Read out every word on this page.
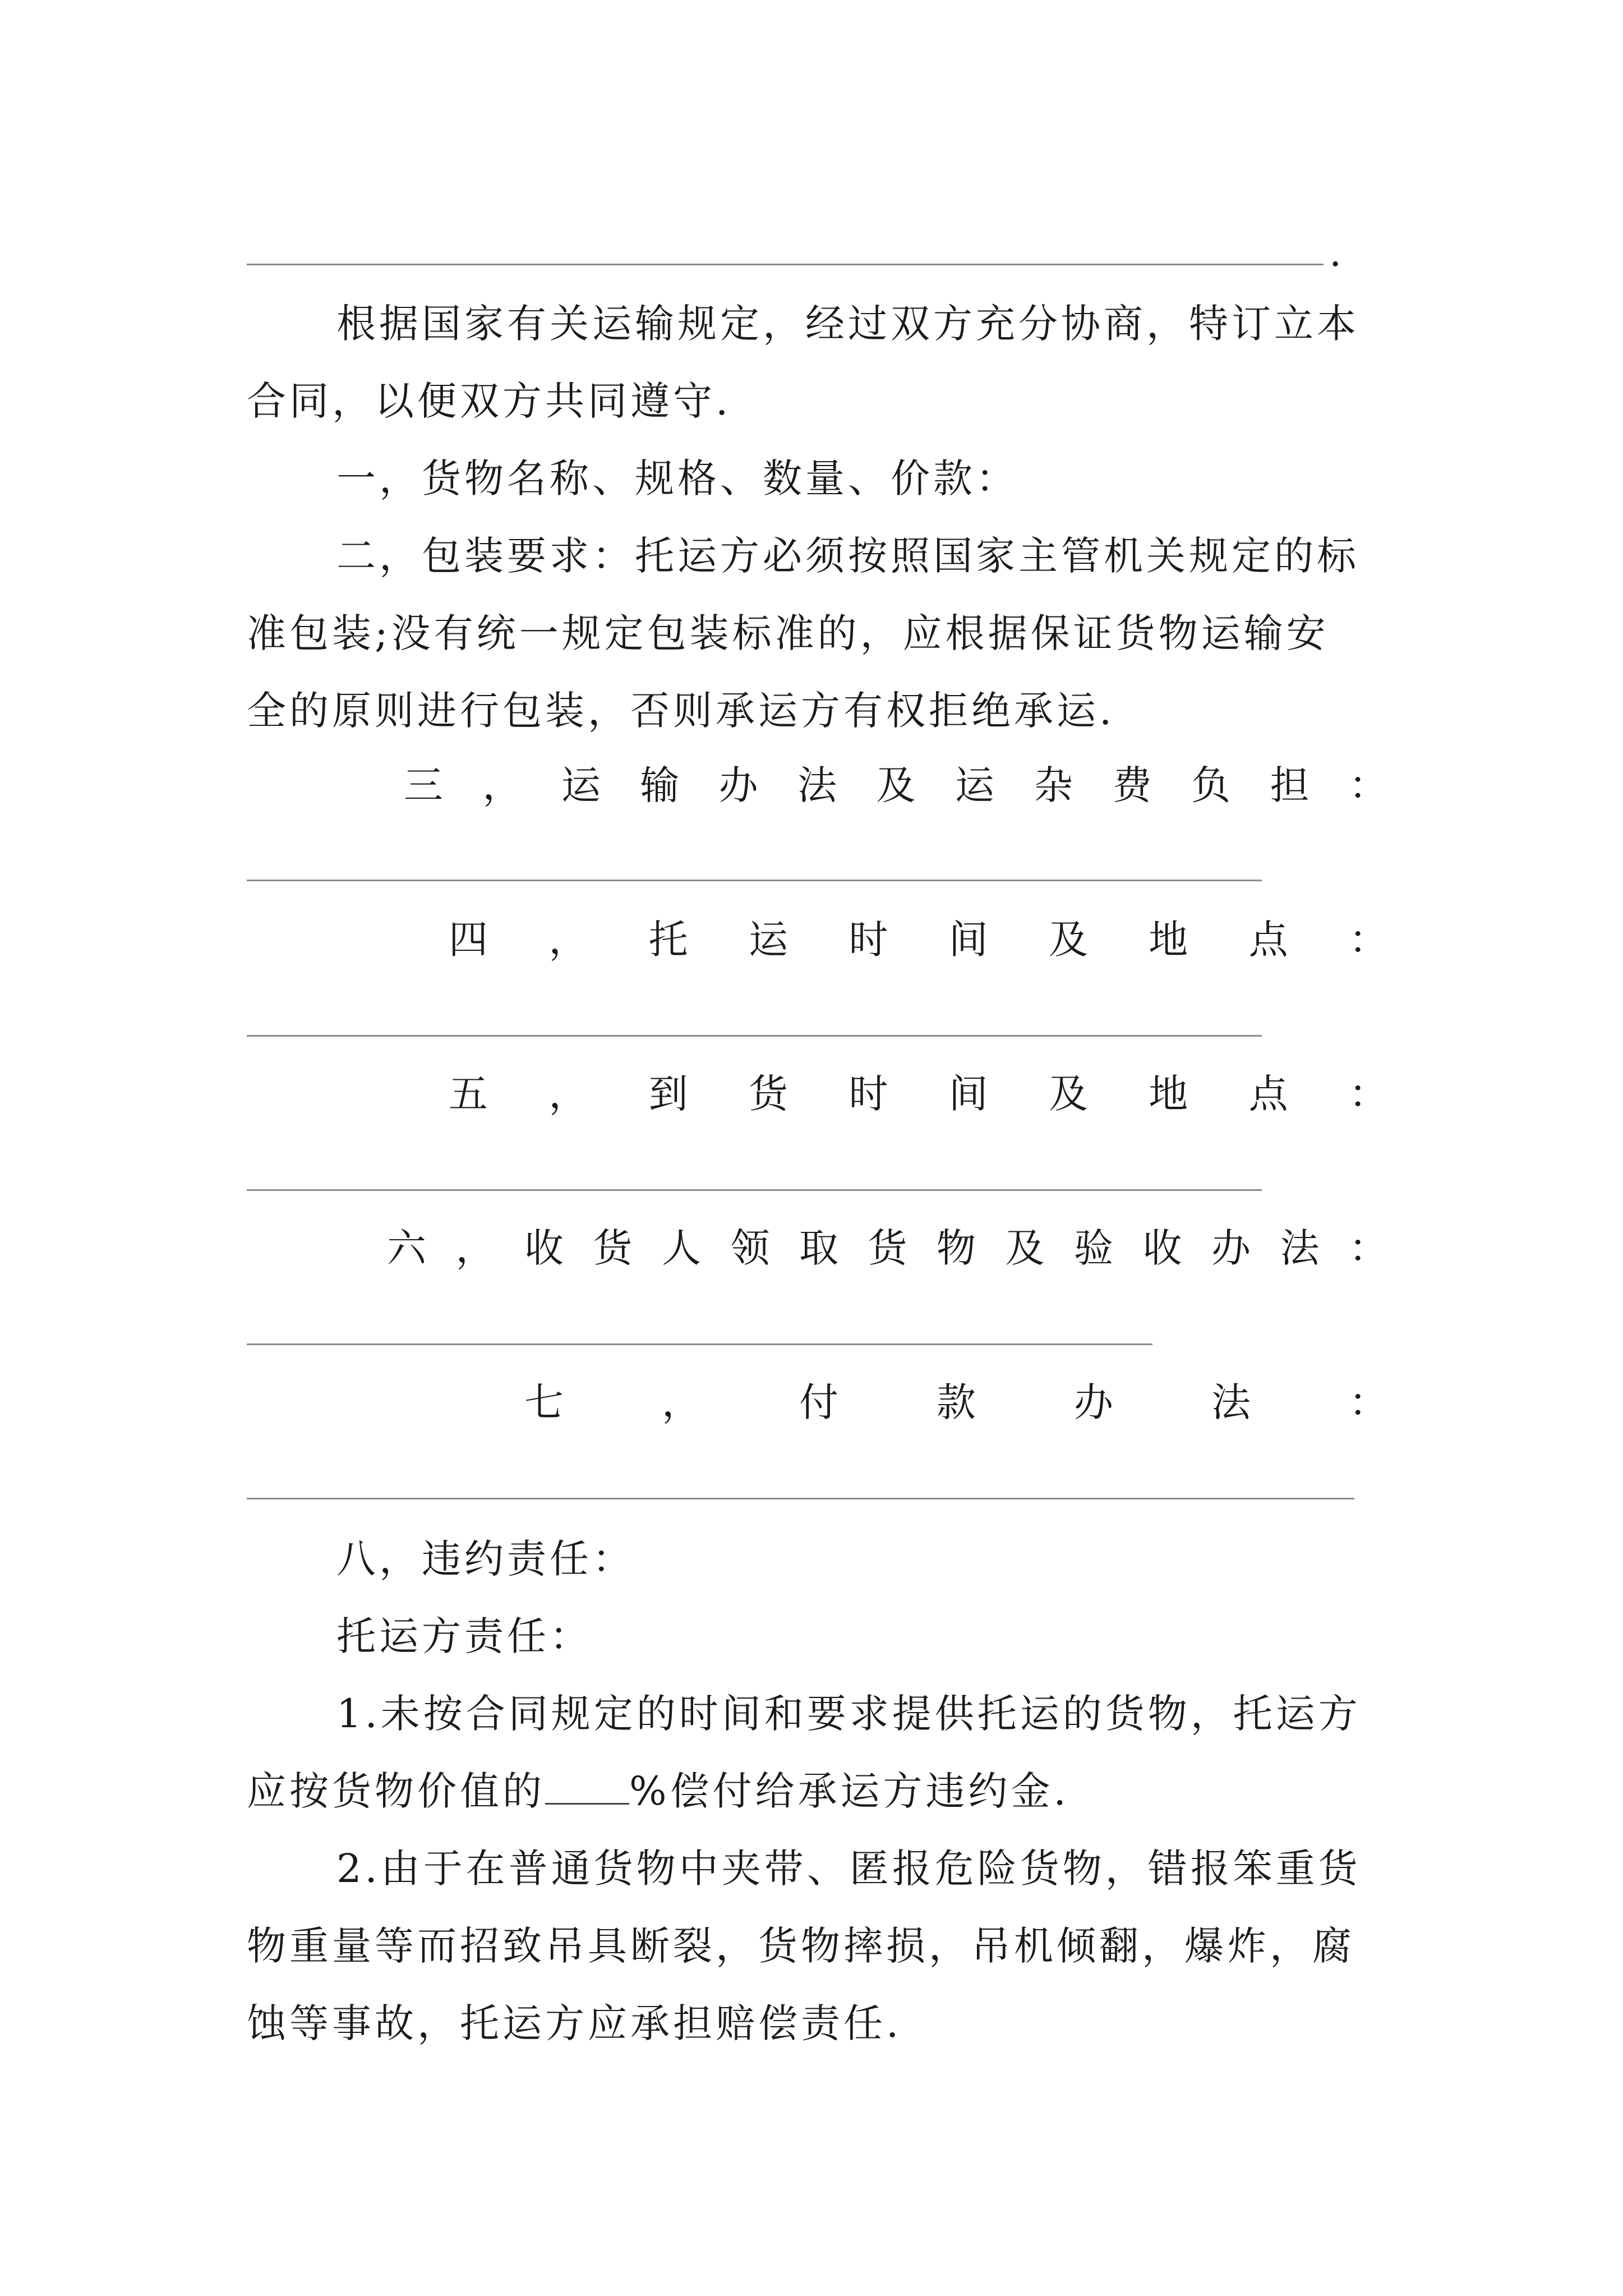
.
根据国家有关运输规定，经过双方充分协商，特订立本
合同，以便双方共同遵守.
一，货物名称、规格、数量、价款：
二，包装要求：托运方必须按照国家主管机关规定的标
准包装;没有统一规定包装标准的，应根据保证货物运输安
全的原则进行包装，否则承运方有权拒绝承运.
三 ， 运 输 办 法 及 运 杂 费 负 担 ：
四 ， 托 运 时 间 及 地 点 ：
五 ， 到 货 时 间 及 地 点 ：
六 ， 收 货 人 领 取 货 物 及 验 收 办 法 ：
七	，	付	款	办	法	：
八，违约责任：
托运方责任：
1.未按合同规定的时间和要求提供托运的货物，托运方
应按货物价值的 %偿付给承运方违约金.
2.由于在普通货物中夹带、匿报危险货物，错报笨重货
物重量等而招致吊具断裂，货物摔损，吊机倾翻，爆炸，腐
蚀等事故，托运方应承担赔偿责任.
